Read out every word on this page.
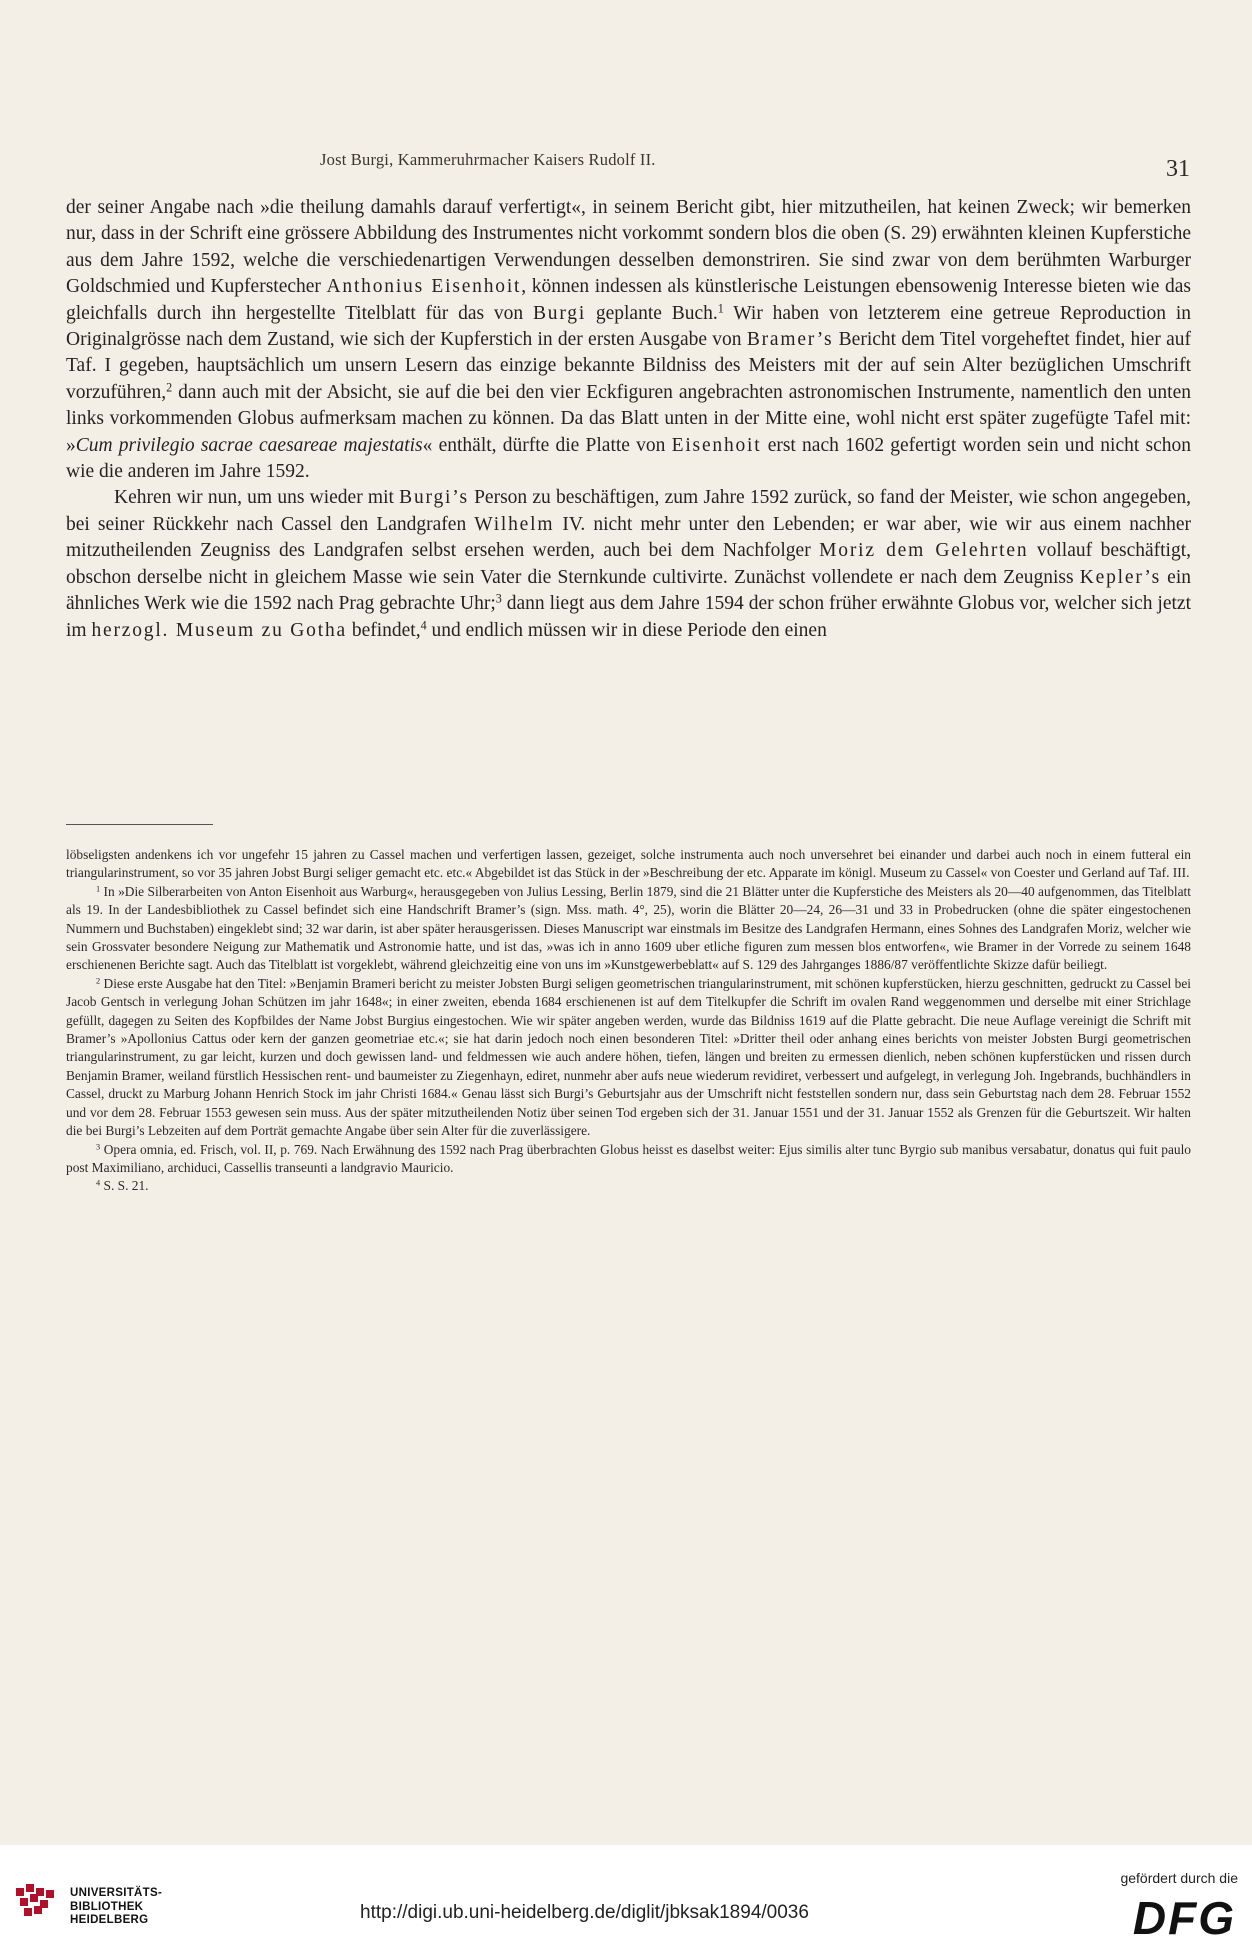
Jost Burgi, Kammeruhrmacher Kaisers Rudolf II.	31

der seiner Angabe nach »die theilung damahls darauf verfertigt«, in seinem Bericht gibt, hier mitzutheilen, hat keinen Zweck; wir bemerken nur, dass in der Schrift eine grössere Abbildung des Instrumentes nicht vorkommt sondern blos die oben (S. 29) erwähnten kleinen Kupferstiche aus dem Jahre 1592, welche die verschiedenartigen Verwendungen desselben demonstriren. Sie sind zwar von dem berühmten Warburger Goldschmied und Kupferstecher Anthonius Eisenhoit, können indessen als künstlerische Leistungen ebensowenig Interesse bieten wie das gleichfalls durch ihn hergestellte Titelblatt für das von Burgi geplante Buch.$^1$ Wir haben von letzterem eine getreue Reproduction in Originalgrösse nach dem Zustand, wie sich der Kupferstich in der ersten Ausgabe von Bramer’s Bericht dem Titel vorgeheftet findet, hier auf Taf. I gegeben, hauptsächlich um unsern Lesern das einzige bekannte Bildniss des Meisters mit der auf sein Alter bezüglichen Umschrift vorzuführen,$^2$ dann auch mit der Absicht, sie auf die bei den vier Eckfiguren angebrachten astronomischen Instrumente, namentlich den unten links vorkommenden Globus aufmerksam machen zu können. Da das Blatt unten in der Mitte eine, wohl nicht erst später zugefügte Tafel mit: »Cum privilegio sacrae caesareae majestatis« enthält, dürfte die Platte von Eisenhoit erst nach 1602 gefertigt worden sein und nicht schon wie die anderen im Jahre 1592.

Kehren wir nun, um uns wieder mit Burgi’s Person zu beschäftigen, zum Jahre 1592 zurück, so fand der Meister, wie schon angegeben, bei seiner Rückkehr nach Cassel den Landgrafen Wilhelm IV. nicht mehr unter den Lebenden; er war aber, wie wir aus einem nachher mitzutheilenden Zeugniss des Landgrafen selbst ersehen werden, auch bei dem Nachfolger Moriz dem Gelehrten vollauf beschäftigt, obschon derselbe nicht in gleichem Masse wie sein Vater die Sternkunde cultivirte. Zunächst vollendete er nach dem Zeugniss Kepler’s ein ähnliches Werk wie die 1592 nach Prag gebrachte Uhr;$^3$ dann liegt aus dem Jahre 1594 der schon früher erwähnte Globus vor, welcher sich jetzt im herzogl. Museum zu Gotha befindet,$^4$ und endlich müssen wir in diese Periode den einen

löbseligsten andenkens ich vor ungefehr 15 jahren zu Cassel machen und verfertigen lassen, gezeiget, solche instrumenta auch noch unversehret bei einander und darbei auch noch in einem futteral ein triangularinstrument, so vor 35 jahren Jobst Burgi seliger gemacht etc. etc.« Abgebildet ist das Stück in der »Beschreibung der etc. Apparate im königl. Museum zu Cassel« von Coester und Gerland auf Taf. III.

$^1$ In »Die Silberarbeiten von Anton Eisenhoit aus Warburg«, herausgegeben von Julius Lessing, Berlin 1879, sind die 21 Blätter unter die Kupferstiche des Meisters als 20—40 aufgenommen, das Titelblatt als 19. In der Landesbibliothek zu Cassel befindet sich eine Handschrift Bramer’s (sign. Mss. math. 4°, 25), worin die Blätter 20—24, 26—31 und 33 in Probedrucken (ohne die später eingestochenen Nummern und Buchstaben) eingeklebt sind; 32 war darin, ist aber später herausgerissen. Dieses Manuscript war einstmals im Besitze des Landgrafen Hermann, eines Sohnes des Landgrafen Moriz, welcher wie sein Grossvater besondere Neigung zur Mathematik und Astronomie hatte, und ist das, »was ich in anno 1609 uber etliche figuren zum messen blos entworfen«, wie Bramer in der Vorrede zu seinem 1648 erschienenen Berichte sagt. Auch das Titelblatt ist vorgeklebt, während gleichzeitig eine von uns im »Kunstgewerbeblatt« auf S. 129 des Jahrganges 1886/87 veröffentlichte Skizze dafür beiliegt.

$^2$ Diese erste Ausgabe hat den Titel: »Benjamin Brameri bericht zu meister Jobsten Burgi seligen geometrischen triangularinstrument, mit schönen kupferstücken, hierzu geschnitten, gedruckt zu Cassel bei Jacob Gentsch in verlegung Johan Schützen im jahr 1648«; in einer zweiten, ebenda 1684 erschienenen ist auf dem Titelkupfer die Schrift im ovalen Rand weggenommen und derselbe mit einer Strichlage gefüllt, dagegen zu Seiten des Kopfbildes der Name Jobst Burgius eingestochen. Wie wir später angeben werden, wurde das Bildniss 1619 auf die Platte gebracht. Die neue Auflage vereinigt die Schrift mit Bramer’s »Apollonius Cattus oder kern der ganzen geometriae etc.«; sie hat darin jedoch noch einen besonderen Titel: »Dritter theil oder anhang eines berichts von meister Jobsten Burgi geometrischen triangularinstrument, zu gar leicht, kurzen und doch gewissen land- und feldmessen wie auch andere höhen, tiefen, längen und breiten zu ermessen dienlich, neben schönen kupferstücken und rissen durch Benjamin Bramer, weiland fürstlich Hessischen rent- und baumeister zu Ziegenhayn, ediret, nunmehr aber aufs neue wiederum revidiret, verbessert und aufgelegt, in verlegung Joh. Ingebrands, buchhändlers in Cassel, druckt zu Marburg Johann Henrich Stock im jahr Christi 1684.« Genau lässt sich Burgi’s Geburtsjahr aus der Umschrift nicht feststellen sondern nur, dass sein Geburtstag nach dem 28. Februar 1552 und vor dem 28. Februar 1553 gewesen sein muss. Aus der später mitzutheilenden Notiz über seinen Tod ergeben sich der 31. Januar 1551 und der 31. Januar 1552 als Grenzen für die Geburtszeit. Wir halten die bei Burgi’s Lebzeiten auf dem Porträt gemachte Angabe über sein Alter für die zuverlässigere.

$^3$ Opera omnia, ed. Frisch, vol. II, p. 769. Nach Erwähnung des 1592 nach Prag überbrachten Globus heisst es daselbst weiter: Ejus similis alter tunc Byrgio sub manibus versabatur, donatus qui fuit paulo post Maximiliano, archiduci, Cassellis transeunti a landgravio Mauricio.

$^4$ S. S. 21.

UNIVERSITÄTS-
BIBLIOTHEK
HEIDELBERG	http://digi.ub.uni-heidelberg.de/diglit/jbksak1894/0036
gefördert durch die
DFG
